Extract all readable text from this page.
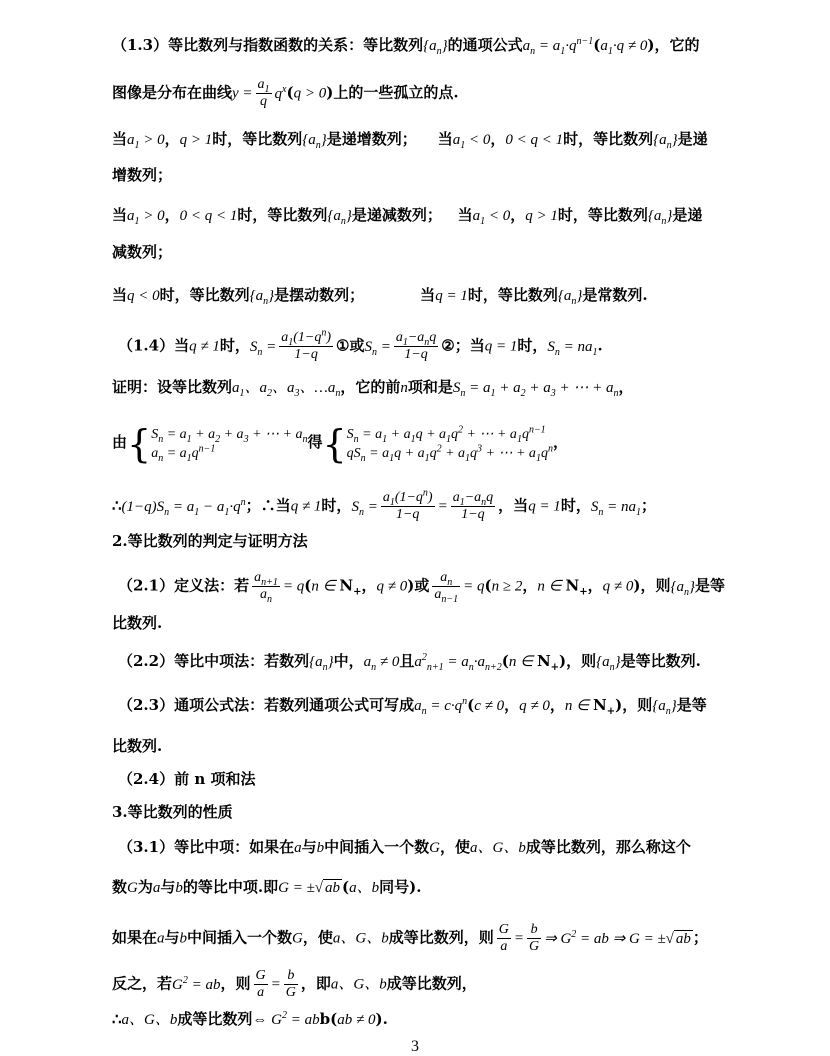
（1.3）等比数列与指数函数的关系：等比数列$\{a_n\}$的通项公式$a_n = a_1\cdot q^{n-1}(a_1\cdot q \ne 0)$，它的
图像是分布在曲线$y = \frac{a_1}{q} q^x(q > 0)$上的一些孤立的点.
当$a_1 > 0$，q > 1时，等比数列$\{a_n\}$是递增数列； 当$a_1 < 0$，0 < q < 1时，等比数列$\{a_n\}$是递
增数列；
当$a_1 > 0$，0 < q < 1时，等比数列$\{a_n\}$是递减数列； 当$a_1 < 0$，q > 1时，等比数列$\{a_n\}$是递
减数列；
当q < 0时，等比数列$\{a_n\}$是摆动数列；	当q = 1时，等比数列$\{a_n\}$是常数列.
（1.4）当q ≠ 1时，$S_n = \frac{a_1(1-q^n)}{1-q}$ ①或$S_n = \frac{a_1-a_nq}{1-q}$ ②；当q = 1时，$S_n = na_1$.
证明：设等比数列$a_1$、$a_2$、$a_3$、$\dots a_n$，它的前n项和是$S_n = a_1 + a_2 + a_3$ + ⋯ + $a_n$，
由{ $S_n = a_1 + a_2 + a_3$ + ⋯ + $a_n$
$a_n = a_1q^{n-1}$	得{ $S_n = a_1 + a_1q + a_1q^2$ + ⋯ + $a_1q^{n-1}$
$qS_n = a_1q + a_1q^2 + a_1q^3$ + ⋯ + $a_1q^n$ ，
$\therefore(1-q)S_n = a_1 - a_1\cdot q^n$；∴当q ≠ 1时，$S_n = \frac{a_1(1-q^n)}{1-q} = \frac{a_1-a_nq}{1-q}$ ，当q = 1时，$S_n = na_1$；
2.等比数列的判定与证明方法
（2.1）定义法：若 $\frac{a_{n+1}}{a_n} = q(n$ ∈ $N_+$，q ≠ 0)或 $\frac{a_n}{a_{n-1}} = q(n \ge 2$，n ∈ $N_+$，q ≠ 0)，则$\{a_n\}$是等
比数列.
（2.2）等比中项法：若数列$\{a_n\}$中，$a_n \ne 0$且$a^2_{n+1} = a_n\cdot a_{n+2}(n$ ∈ $N_+$)，则$\{a_n\}$是等比数列.
（2.3）通项公式法：若数列通项公式可写成$a_n = c\cdot q^n(c \ne 0$，q ≠ 0，n ∈ $N_+$)，则$\{a_n\}$是等
比数列.
（2.4）前 n 项和法
3.等比数列的性质
（3.1）等比中项：如果在a与b中间插入一个数G，使a、G、b成等比数列，那么称这个
数G为a与b的等比中项.即G = ±√ ab (a、b同号).
如果在a与b中间插入一个数G，使a、G、b成等比数列，则 $\frac{G}{a} = \frac{b}{G}$ ⇒ $G^2$ = ab ⇒ G = ±√ ab ；
反之，若$G^2$ = ab，则 $\frac{G}{a} = \frac{b}{G}$ ，即a、G、b成等比数列，
∴a、G、b成等比数列⇔ $G^2 = abb(ab \ne 0)$.
3
